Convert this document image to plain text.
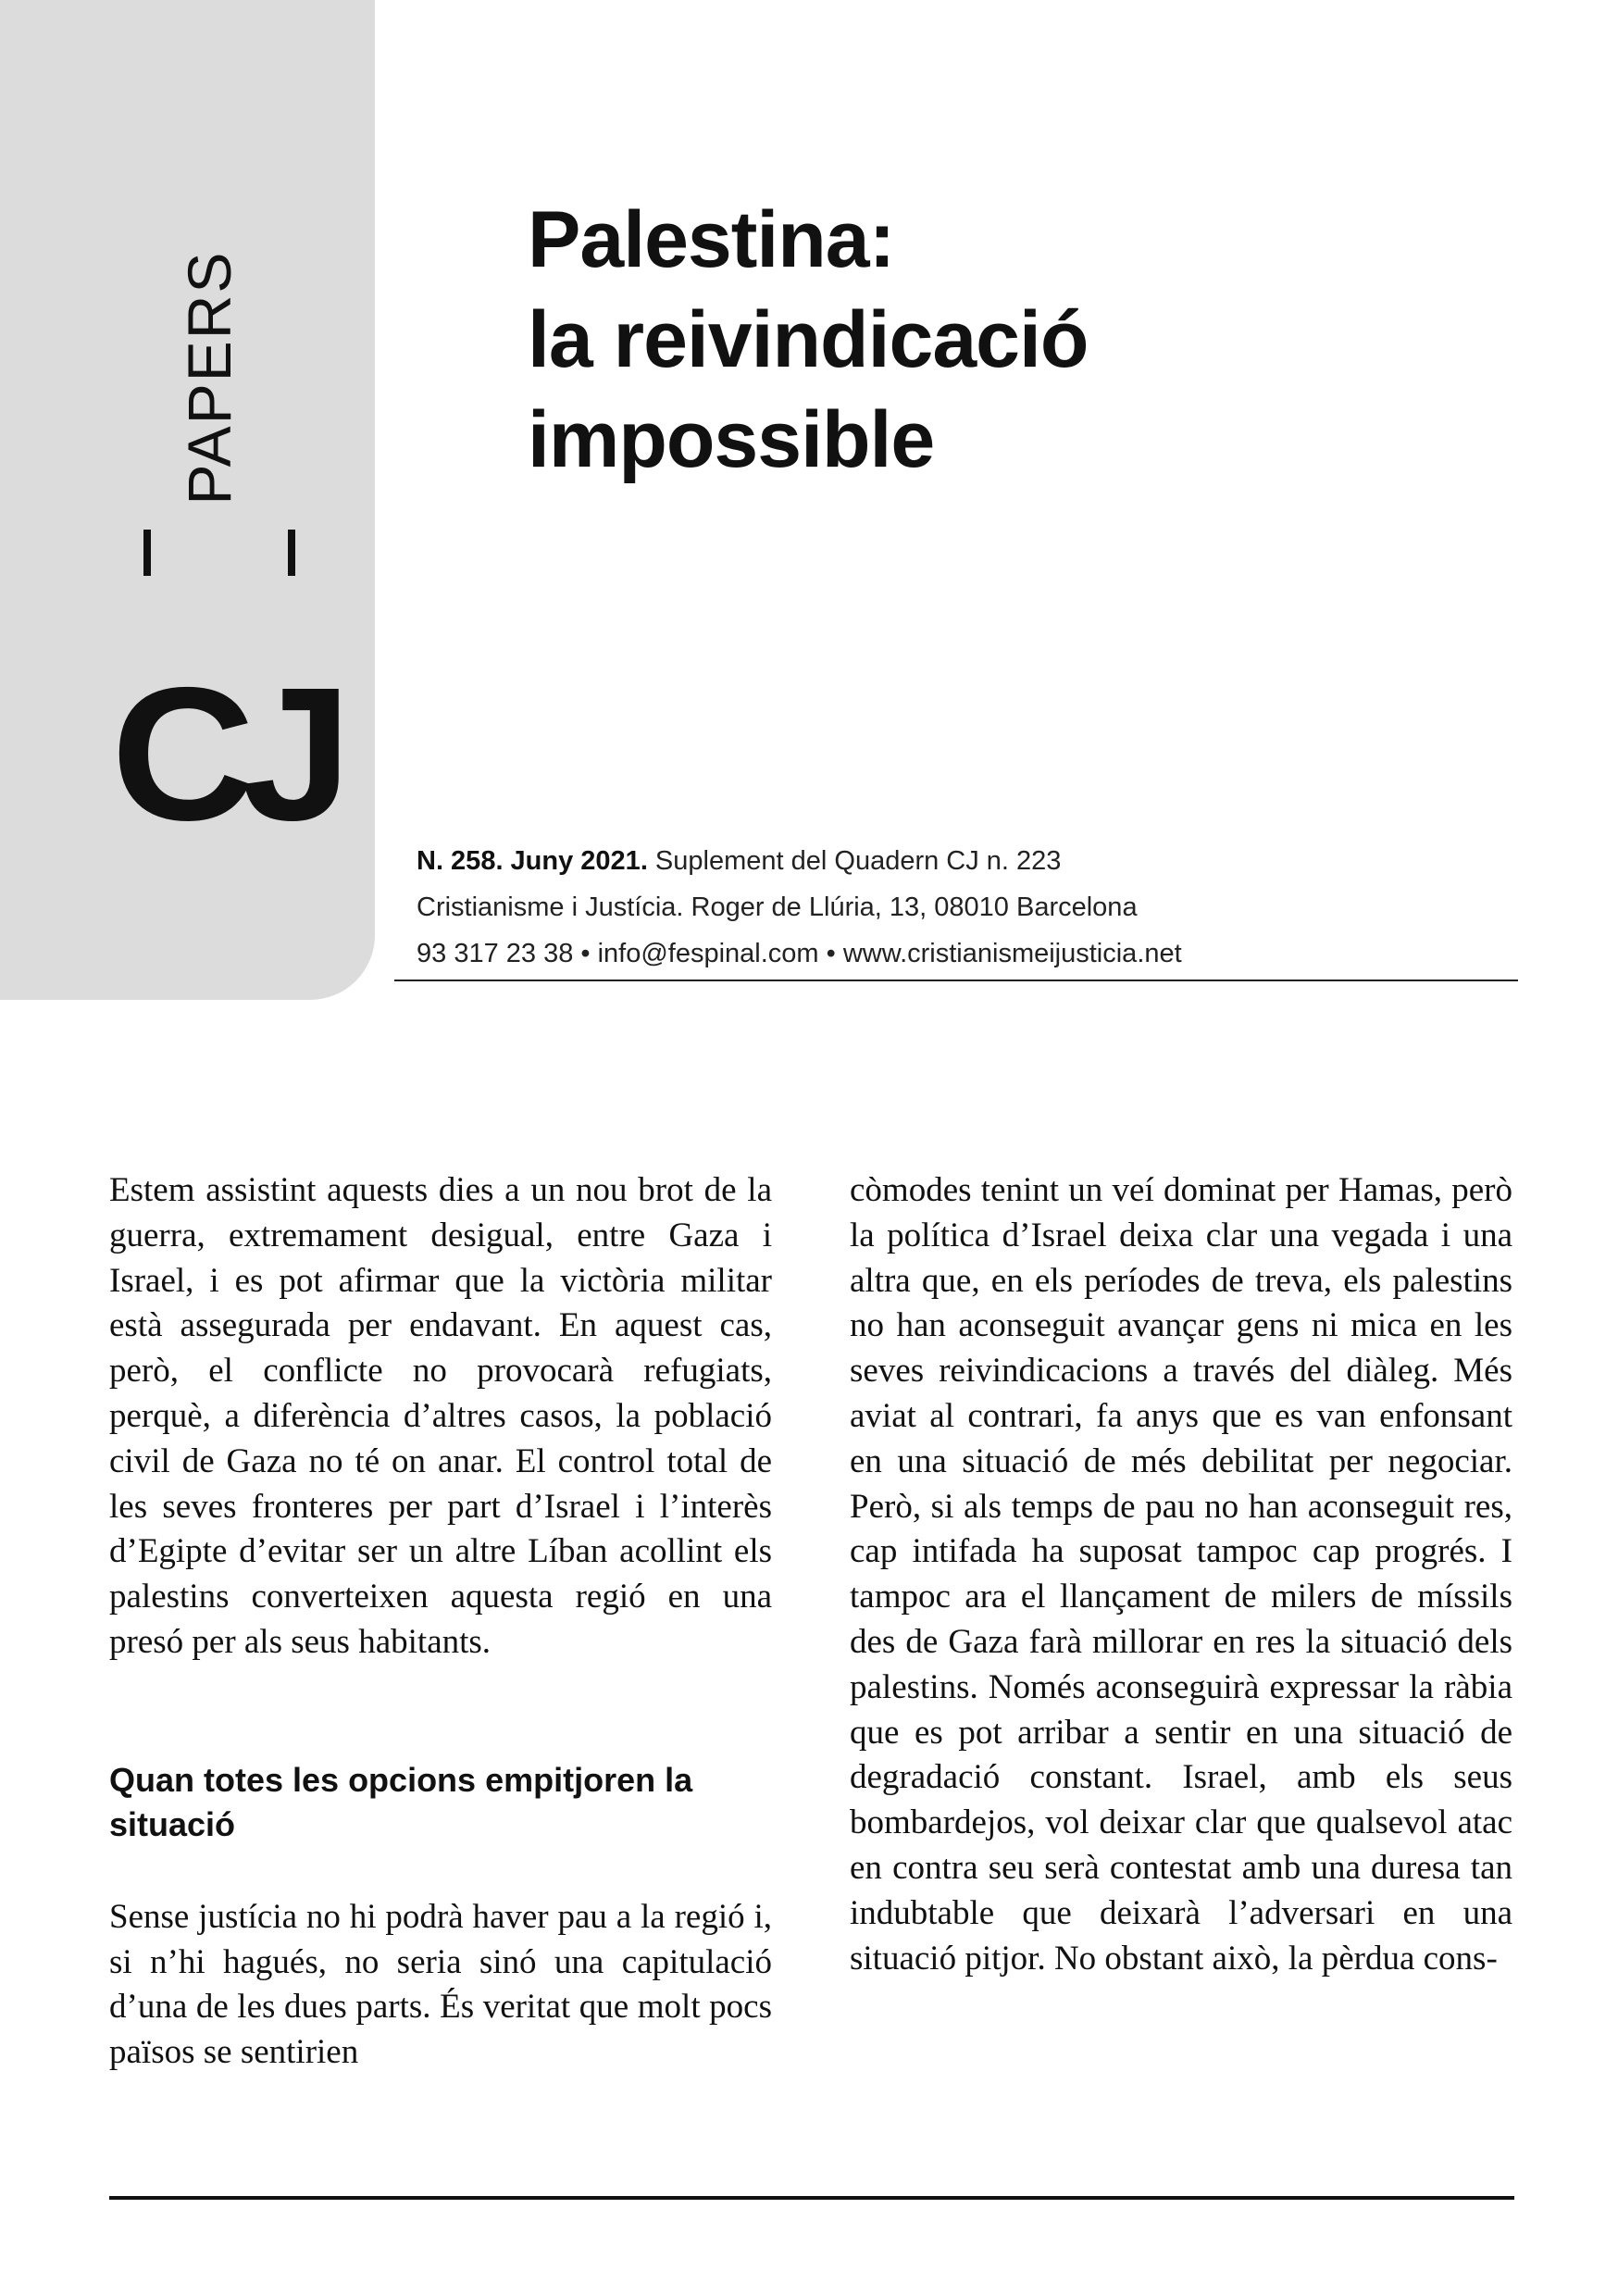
PAPERS
CJ
Palestina:
la reivindicació
impossible
N. 258. Juny 2021. Suplement del Quadern CJ n. 223
Cristianisme i Justícia. Roger de Llúria, 13, 08010 Barcelona
93 317 23 38 • info@fespinal.com • www.cristianismeijusticia.net

Estem assistint aquests dies a un nou brot de la guerra, extremament desigual, entre Gaza i Israel, i es pot afirmar que la victòria militar està assegurada per endavant. En aquest cas, però, el conflicte no provocarà refugiats, perquè, a diferència d’altres casos, la població civil de Gaza no té on anar. El control total de les seves fronteres per part d’Israel i l’interès d’Egipte d’evitar ser un altre Líban acollint els palestins converteixen aquesta regió en una presó per als seus habitants.

Quan totes les opcions empitjoren la situació

Sense justícia no hi podrà haver pau a la regió i, si n’hi hagués, no seria sinó una capitulació d’una de les dues parts. És veritat que molt pocs països se sentirien

còmodes tenint un veí dominat per Hamas, però la política d’Israel deixa clar una vegada i una altra que, en els períodes de treva, els palestins no han aconseguit avançar gens ni mica en les seves reivindicacions a través del diàleg. Més aviat al contrari, fa anys que es van enfonsant en una situació de més debilitat per negociar. Però, si als temps de pau no han aconseguit res, cap intifada ha suposat tampoc cap progrés. I tampoc ara el llançament de milers de míssils des de Gaza farà millorar en res la situació dels palestins. Només aconseguirà expressar la ràbia que es pot arribar a sentir en una situació de degradació constant. Israel, amb els seus bombardejos, vol deixar clar que qualsevol atac en contra seu serà contestat amb una duresa tan indubtable que deixarà l’adversari en una situació pitjor. No obstant això, la pèrdua cons-
